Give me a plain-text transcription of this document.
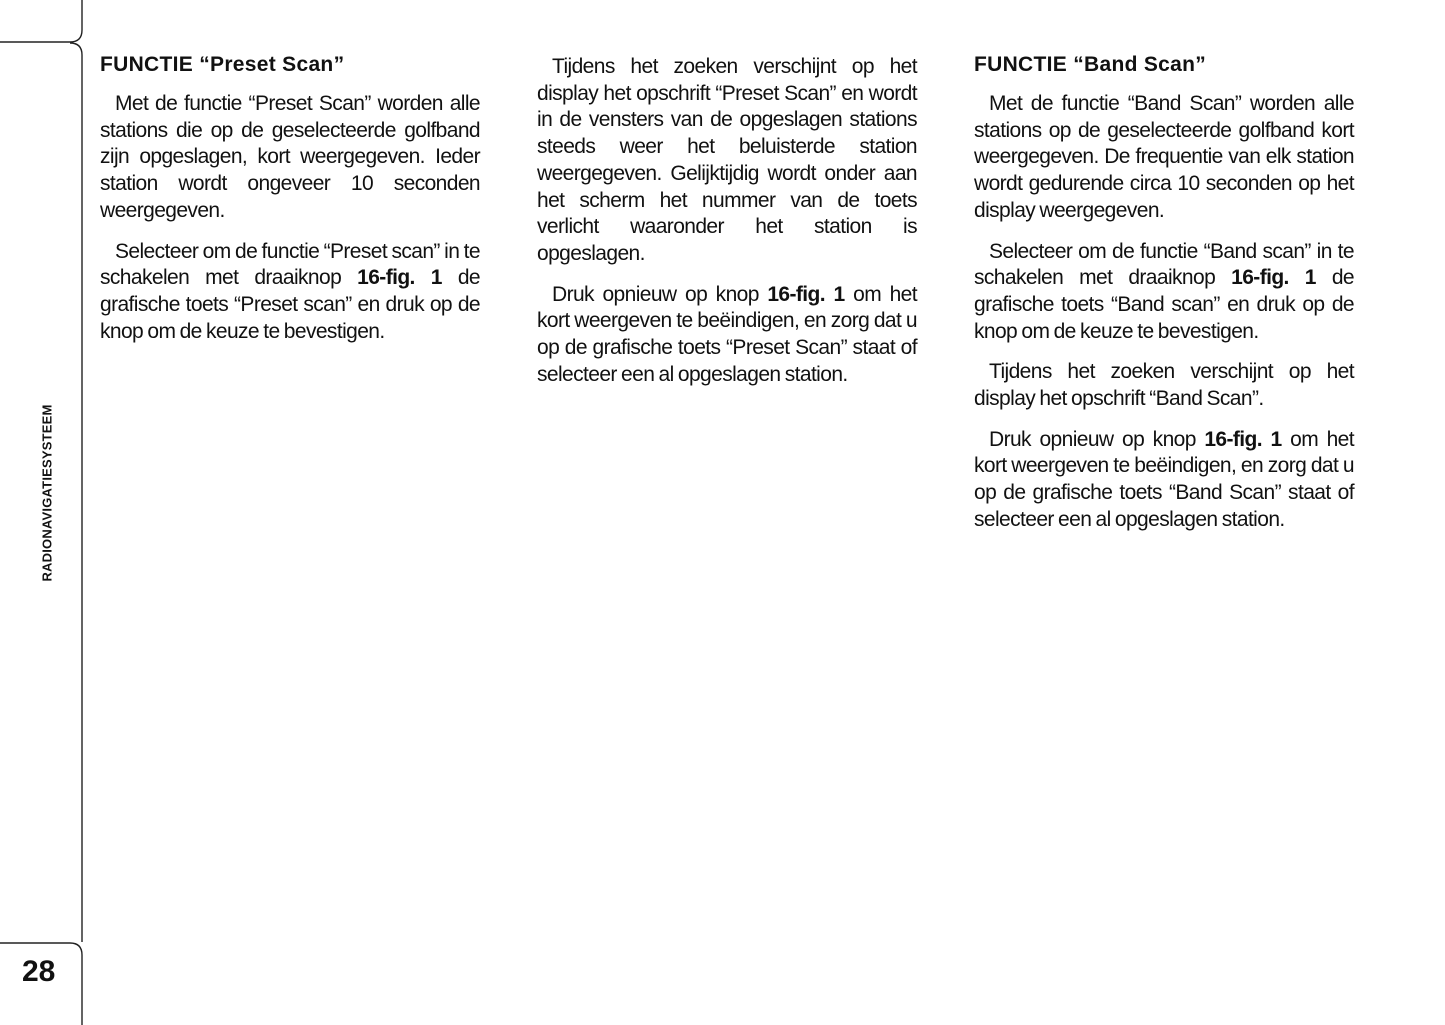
RADIONAVIGATIESYSTEEM
28
FUNCTIE “Preset Scan”

Met de functie “Preset Scan” worden alle stations die op de geselecteerde golfband zijn opgeslagen, kort weergegeven. Ieder station wordt ongeveer 10 seconden weergegeven.

Selecteer om de functie “Preset scan” in te schakelen met draaiknop 16-fig. 1 de grafische toets “Preset scan” en druk op de knop om de keuze te bevestigen.

Tijdens het zoeken verschijnt op het display het opschrift “Preset Scan” en wordt in de vensters van de opgeslagen stations steeds weer het beluisterde station weergegeven. Gelijktijdig wordt onder aan het scherm het nummer van de toets verlicht waaronder het station is opgeslagen.

Druk opnieuw op knop 16-fig. 1 om het kort weergeven te beëindigen, en zorg dat u op de grafische toets “Preset Scan” staat of selecteer een al opgeslagen station.

FUNCTIE “Band Scan”

Met de functie “Band Scan” worden alle stations op de geselecteerde golfband kort weergegeven. De frequentie van elk station wordt gedurende circa 10 seconden op het display weergegeven.

Selecteer om de functie “Band scan” in te schakelen met draaiknop 16-fig. 1 de grafische toets “Band scan” en druk op de knop om de keuze te bevestigen.

Tijdens het zoeken verschijnt op het display het opschrift “Band Scan”.

Druk opnieuw op knop 16-fig. 1 om het kort weergeven te beëindigen, en zorg dat u op de grafische toets “Band Scan” staat of selecteer een al opgeslagen station.
